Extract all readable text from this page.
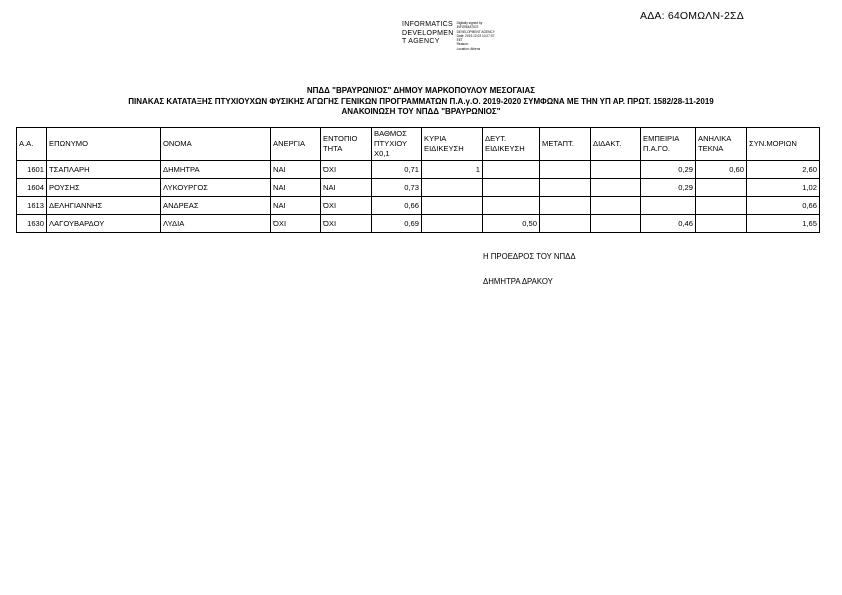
ΑΔΑ: 64ΟΜΩΛΝ-2ΣΔ
INFORMATICS
DEVELOPMEN
T AGENCY
Digitally signed by
INFORMATICS
DEVELOPMENT AGENCY
Date: 2019.12.03 10:27:07
EET
Reason:
Location: Athens
ΝΠΔΔ "ΒΡΑΥΡΩΝΙΟΣ" ΔΗΜΟΥ ΜΑΡΚΟΠΟΥΛΟΥ ΜΕΣΟΓΑΙΑΣ
ΠΙΝΑΚΑΣ ΚΑΤΑΤΑΞΗΣ ΠΤΥΧΙΟΥΧΩΝ ΦΥΣΙΚΗΣ ΑΓΩΓΗΣ ΓΕΝΙΚΩΝ ΠΡΟΓΡΑΜΜΑΤΩΝ Π.Α.γ.Ο. 2019-2020 ΣΥΜΦΩΝΑ ΜΕ ΤΗΝ ΥΠ ΑΡ. ΠΡΩΤ. 1582/28-11-2019
ΑΝΑΚΟΙΝΩΣΗ ΤΟΥ ΝΠΔΔ "ΒΡΑΥΡΩΝΙΟΣ"
Α.Α.	ΕΠΩΝΥΜΟ	ΟΝΟΜΑ	ΑΝΕΡΓΙΑ	ΕΝΤΟΠΙΟ ΤΗΤΑ	ΒΑΘΜΟΣ ΠΤΥΧΙΟΥ Χ0,1	ΚΥΡΙΑ ΕΙΔΙΚΕΥΣΗ	ΔΕΥΤ. ΕΙΔΙΚΕΥΣΗ	ΜΕΤΑΠΤ.	ΔΙΔΑΚΤ.	ΕΜΠΕΙΡΙΑ Π.Α.ΓΟ.	ΑΝΗΛΙΚΑ ΤΕΚΝΑ	ΣΥΝ.ΜΟΡΙΩΝ
1601	ΤΣΑΠΛΑΡΗ	ΔΗΜΗΤΡΑ	ΝΑΙ	ΌΧΙ	0,71	1				0,29	0,60	2,60
1604	ΡΟΥΣΗΣ	ΛΥΚΟΥΡΓΟΣ	ΝΑΙ	ΝΑΙ	0,73					0,29		1,02
1613	ΔΕΛΗΓΙΑΝΝΗΣ	ΑΝΔΡΕΑΣ	ΝΑΙ	ΌΧΙ	0,66							0,66
1630	ΛΑΓΟΥΒΑΡΔΟΥ	ΛΥΔΙΑ	ΌΧΙ	ΌΧΙ	0,69		0,50			0,46		1,65
Η ΠΡΟΕΔΡΟΣ ΤΟΥ ΝΠΔΔ
ΔΗΜΗΤΡΑ ΔΡΑΚΟΥ
